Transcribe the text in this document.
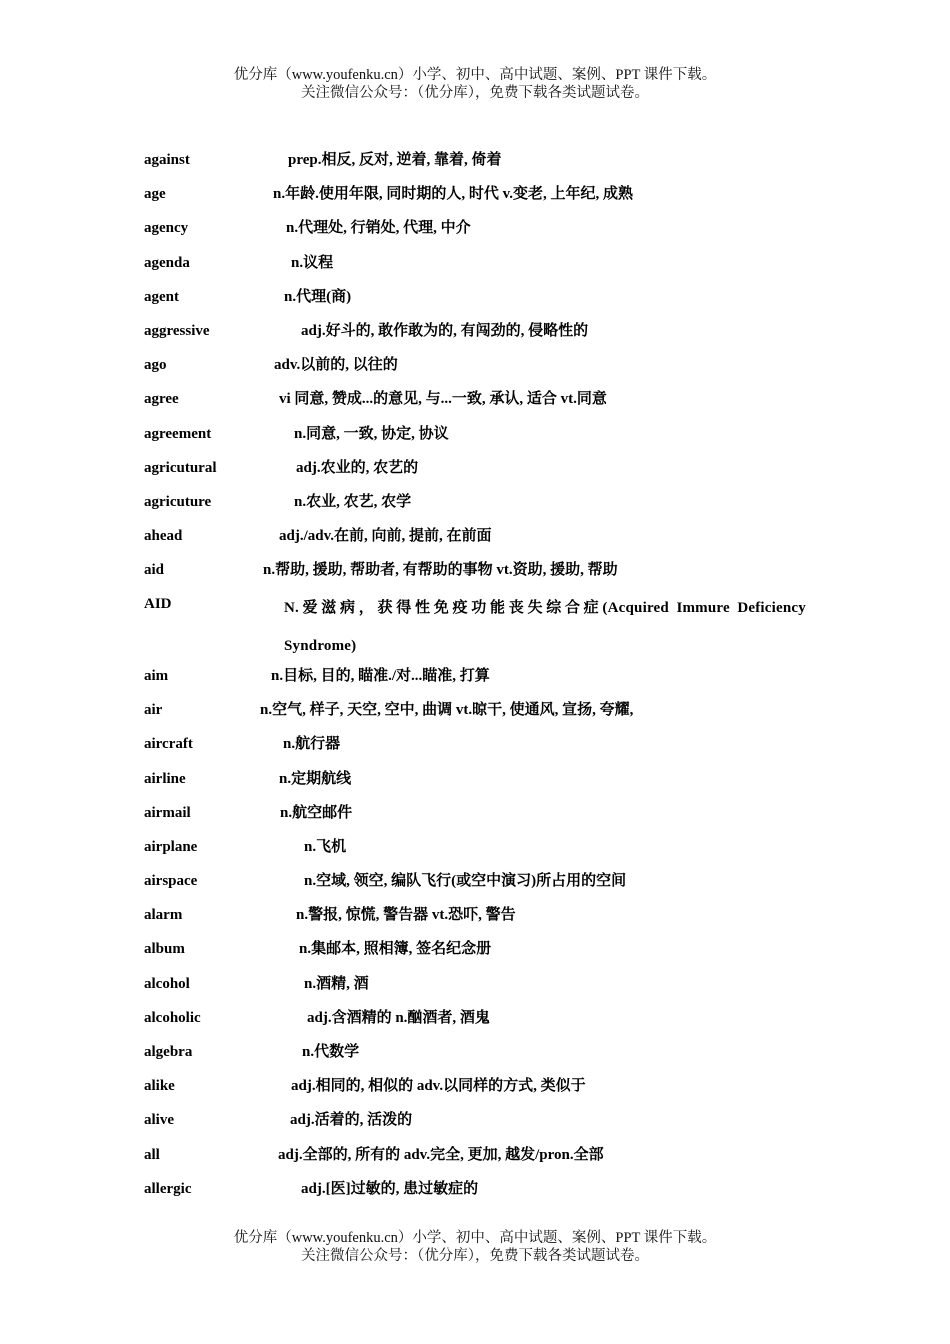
优分库（www.youfenku.cn）小学、初中、高中试题、案例、PPT 课件下载。
关注微信公众号：（优分库），免费下载各类试题试卷。
against	prep.相反, 反对, 逆着, 靠着, 倚着
age	n.年龄.使用年限, 同时期的人, 时代 v.变老, 上年纪, 成熟
agency	n.代理处, 行销处, 代理, 中介
agenda	n.议程
agent	n.代理(商)
aggressive	adj.好斗的, 敢作敢为的, 有闯劲的, 侵略性的
ago	adv.以前的, 以往的
agree	vi 同意, 赞成...的意见, 与...一致, 承认, 适合 vt.同意
agreement	n.同意, 一致, 协定, 协议
agricutural	adj.农业的, 农艺的
agricuture	n.农业, 农艺, 农学
ahead	adj./adv.在前, 向前, 提前, 在前面
aid	n.帮助, 援助, 帮助者, 有帮助的事物 vt.资助, 援助, 帮助
AID	N.爱滋病，获得性免疫功能丧失综合症(Acquired Immure Deficiency Syndrome)
aim	n.目标, 目的, 瞄准./对...瞄准, 打算
air	n.空气, 样子, 天空, 空中, 曲调 vt.晾干, 使通风, 宣扬, 夸耀,
aircraft	n.航行器
airline	n.定期航线
airmail	n.航空邮件
airplane	n.飞机
airspace	n.空域, 领空, 编队飞行(或空中演习)所占用的空间
alarm	n.警报, 惊慌, 警告器 vt.恐吓, 警告
album	n.集邮本, 照相簿, 签名纪念册
alcohol	n.酒精, 酒
alcoholic	adj.含酒精的 n.酗酒者, 酒鬼
algebra	n.代数学
alike	adj.相同的, 相似的 adv.以同样的方式, 类似于
alive	adj.活着的, 活泼的
all	adj.全部的, 所有的 adv.完全, 更加, 越发/pron.全部
allergic	adj.[医]过敏的, 患过敏症的
优分库（www.youfenku.cn）小学、初中、高中试题、案例、PPT 课件下载。
关注微信公众号：（优分库），免费下载各类试题试卷。
